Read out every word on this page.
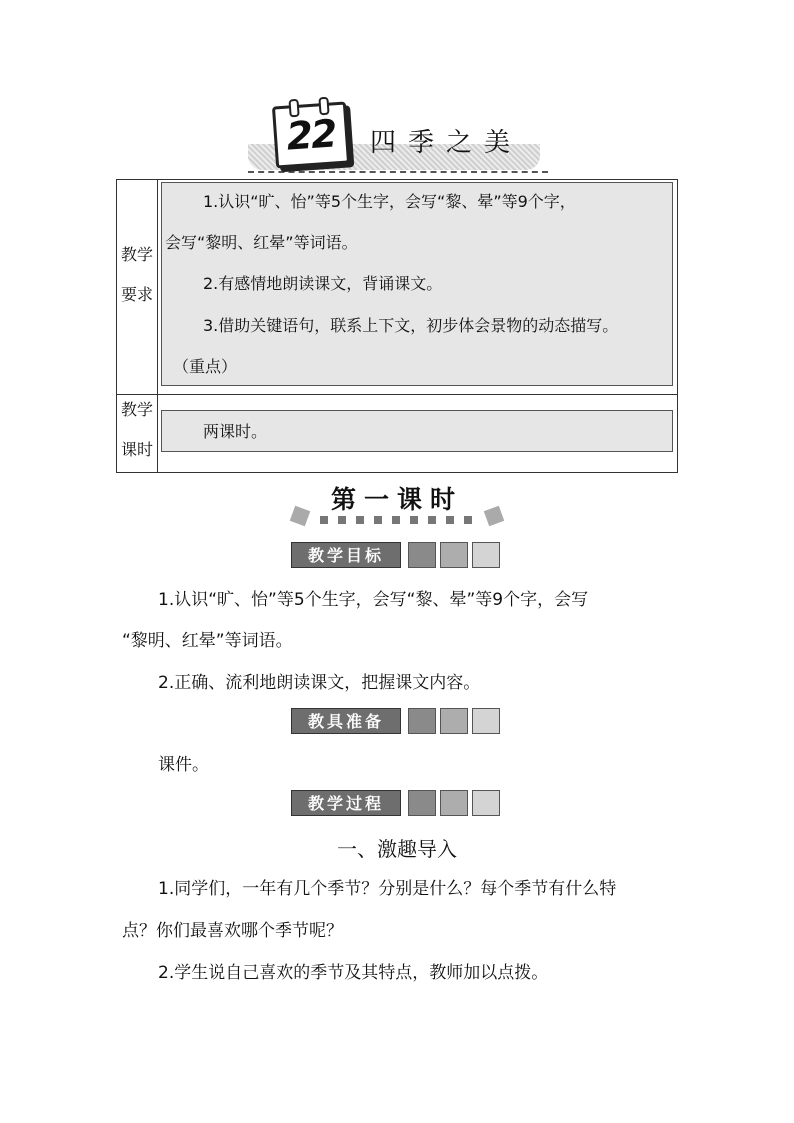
22	四季之美
教学
要求
教学
课时
1.认识“旷、怡”等5个生字，会写“黎、晕”等9个字，
会写“黎明、红晕”等词语。
2.有感情地朗读课文，背诵课文。
3.借助关键语句，联系上下文，初步体会景物的动态描写。
（重点）
两课时。
第一课时
教学目标
1.认识“旷、怡”等5个生字，会写“黎、晕”等9个字，会写
“黎明、红晕”等词语。
2.正确、流利地朗读课文，把握课文内容。
教具准备
课件。
教学过程
一、激趣导入
1.同学们，一年有几个季节？分别是什么？每个季节有什么特
点？你们最喜欢哪个季节呢？
2.学生说自己喜欢的季节及其特点，教师加以点拨。
